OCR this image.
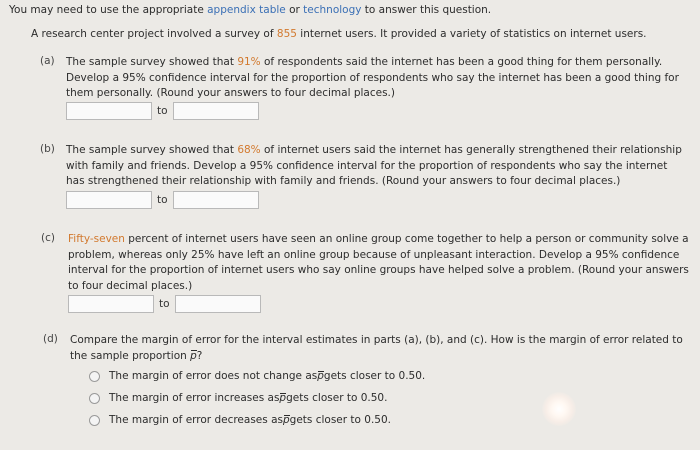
You may need to use the appropriate appendix table or technology to answer this question.
A research center project involved a survey of 855 internet users. It provided a variety of statistics on internet users.
(a) The sample survey showed that 91% of respondents said the internet has been a good thing for them personally.
Develop a 95% confidence interval for the proportion of respondents who say the internet has been a good thing for
them personally. (Round your answers to four decimal places.)
to
(b) The sample survey showed that 68% of internet users said the internet has generally strengthened their relationship
with family and friends. Develop a 95% confidence interval for the proportion of respondents who say the internet
has strengthened their relationship with family and friends. (Round your answers to four decimal places.)
to
(c) Fifty-seven percent of internet users have seen an online group come together to help a person or community solve a
problem, whereas only 25% have left an online group because of unpleasant interaction. Develop a 95% confidence
interval for the proportion of internet users who say online groups have helped solve a problem. (Round your answers
to four decimal places.)
to
(d) Compare the margin of error for the interval estimates in parts (a), (b), and (c). How is the margin of error related to
the sample proportion p?
The margin of error does not change as p gets closer to 0.50.
The margin of error increases as p gets closer to 0.50.
The margin of error decreases as p gets closer to 0.50.
